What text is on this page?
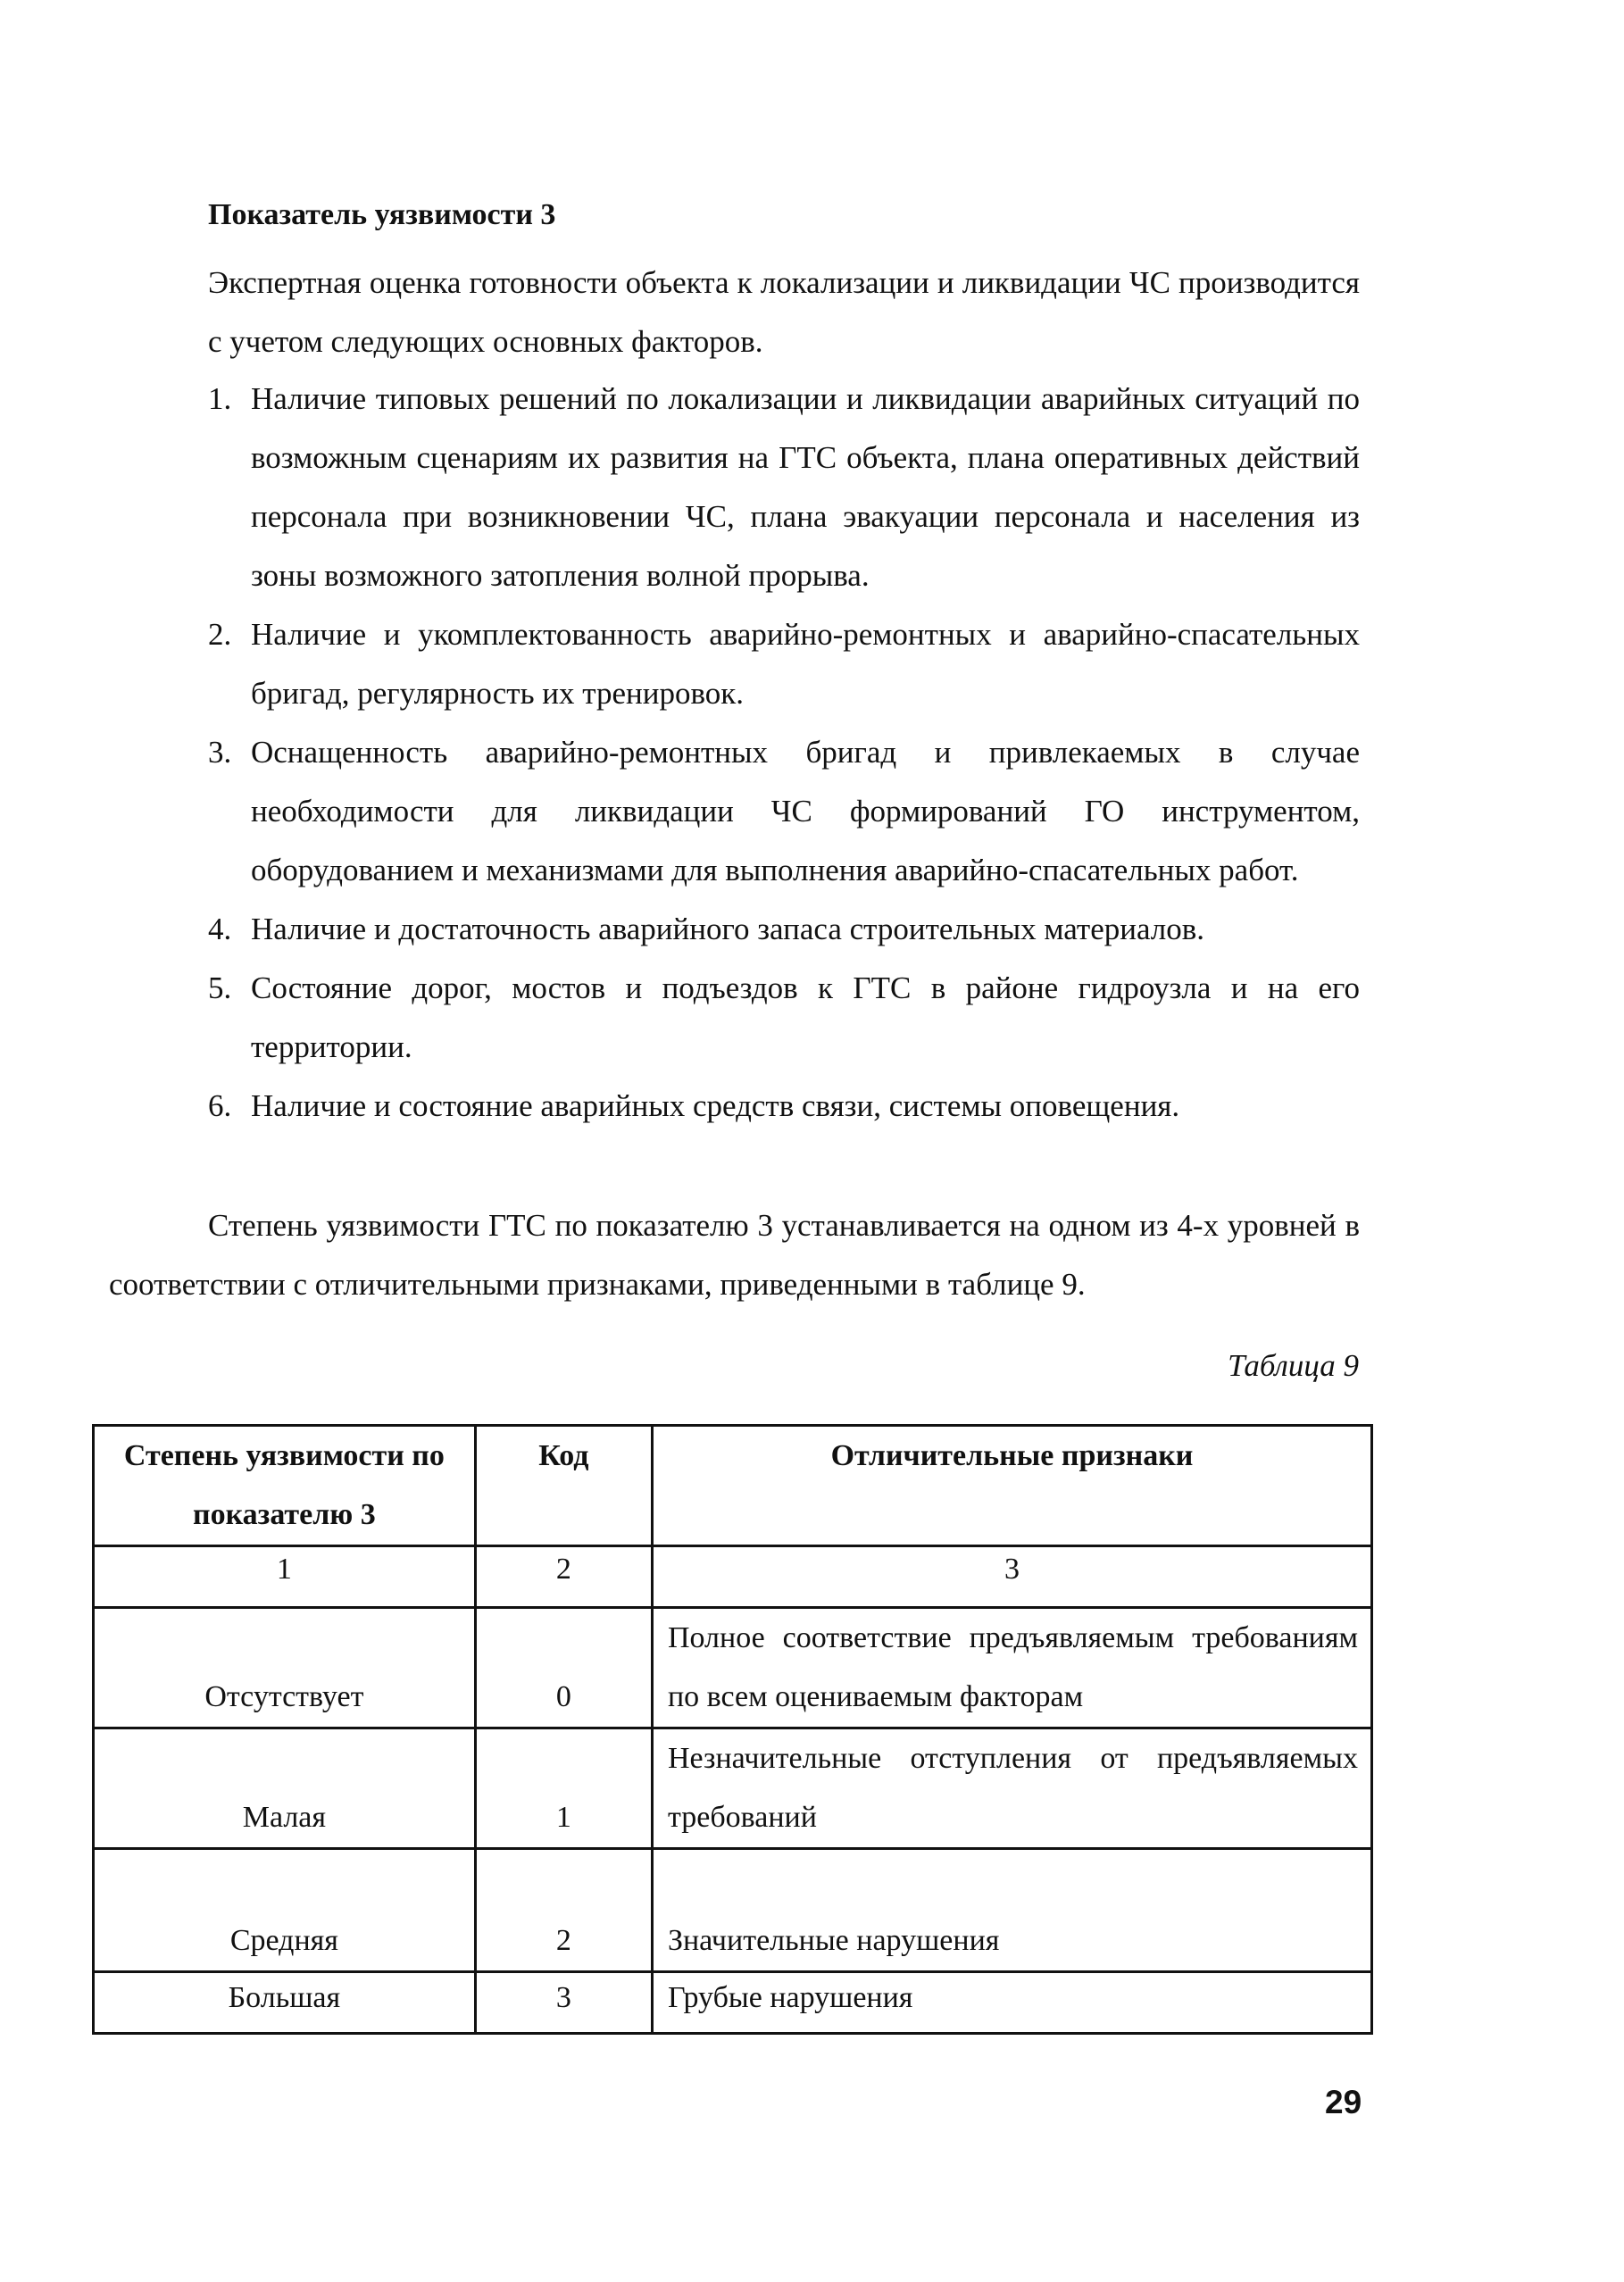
Показатель уязвимости 3

Экспертная оценка готовности объекта к локализации и ликвидации ЧС производится с учетом следующих основных факторов.

1. Наличие типовых решений по локализации и ликвидации аварийных ситуаций по возможным сценариям их развития на ГТС объекта, плана оперативных действий персонала при возникновении ЧС, плана эвакуации персонала и населения из зоны возможного затопления волной прорыва.
2. Наличие и укомплектованность аварийно-ремонтных и аварийно-спасательных бригад, регулярность их тренировок.
3. Оснащенность аварийно-ремонтных бригад и привлекаемых в случае необходимости для ликвидации ЧС формирований ГО инструментом, оборудованием и механизмами для выполнения аварийно-спасательных работ.
4. Наличие и достаточность аварийного запаса строительных материалов.
5. Состояние дорог, мостов и подъездов к ГТС в районе гидроузла и на его территории.
6. Наличие и состояние аварийных средств связи, системы оповещения.

Степень уязвимости ГТС по показателю 3 устанавливается на одном из 4-х уровней в соответствии с отличительными признаками, приведенными в таблице 9.

Таблица 9
Степень уязвимости по показателю 3	Код	Отличительные признаки
1	2	3
Отсутствует	0	Полное соответствие предъявляемым требованиям по всем оцениваемым факторам
Малая	1	Незначительные отступления от предъявляемых требований
Средняя	2	Значительные нарушения
Большая	3	Грубые нарушения
29
